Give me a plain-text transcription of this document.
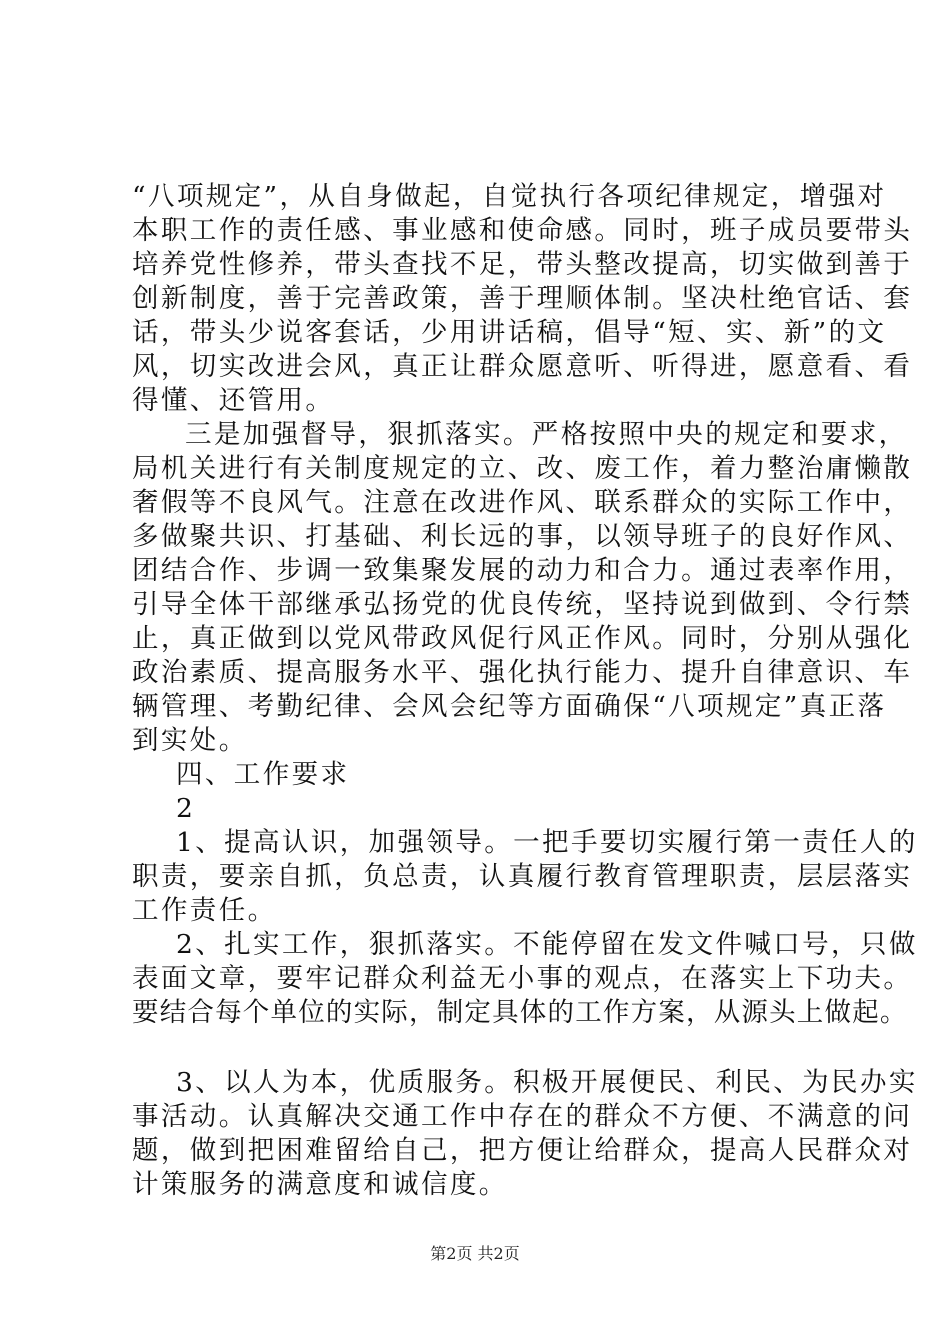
“八项规定”，从自身做起，自觉执行各项纪律规定，增强对
本职工作的责任感、事业感和使命感。同时，班子成员要带头
培养党性修养，带头查找不足，带头整改提高，切实做到善于
创新制度，善于完善政策，善于理顺体制。坚决杜绝官话、套
话，带头少说客套话，少用讲话稿，倡导“短、实、新”的文
风，切实改进会风，真正让群众愿意听、听得进，愿意看、看
得懂、还管用。
三是加强督导，狠抓落实。严格按照中央的规定和要求，
局机关进行有关制度规定的立、改、废工作，着力整治庸懒散
奢假等不良风气。注意在改进作风、联系群众的实际工作中，
多做聚共识、打基础、利长远的事，以领导班子的良好作风、
团结合作、步调一致集聚发展的动力和合力。通过表率作用，
引导全体干部继承弘扬党的优良传统，坚持说到做到、令行禁
止，真正做到以党风带政风促行风正作风。同时，分别从强化
政治素质、提高服务水平、强化执行能力、提升自律意识、车
辆管理、考勤纪律、会风会纪等方面确保“八项规定”真正落
到实处。
四、工作要求
2
1、提高认识，加强领导。一把手要切实履行第一责任人的
职责，要亲自抓，负总责，认真履行教育管理职责，层层落实
工作责任。
2、扎实工作，狠抓落实。不能停留在发文件喊口号，只做
表面文章，要牢记群众利益无小事的观点，在落实上下功夫。
要结合每个单位的实际，制定具体的工作方案，从源头上做起。
3、以人为本，优质服务。积极开展便民、利民、为民办实
事活动。认真解决交通工作中存在的群众不方便、不满意的问
题，做到把困难留给自己，把方便让给群众，提高人民群众对
计策服务的满意度和诚信度。
第2页 共2页
